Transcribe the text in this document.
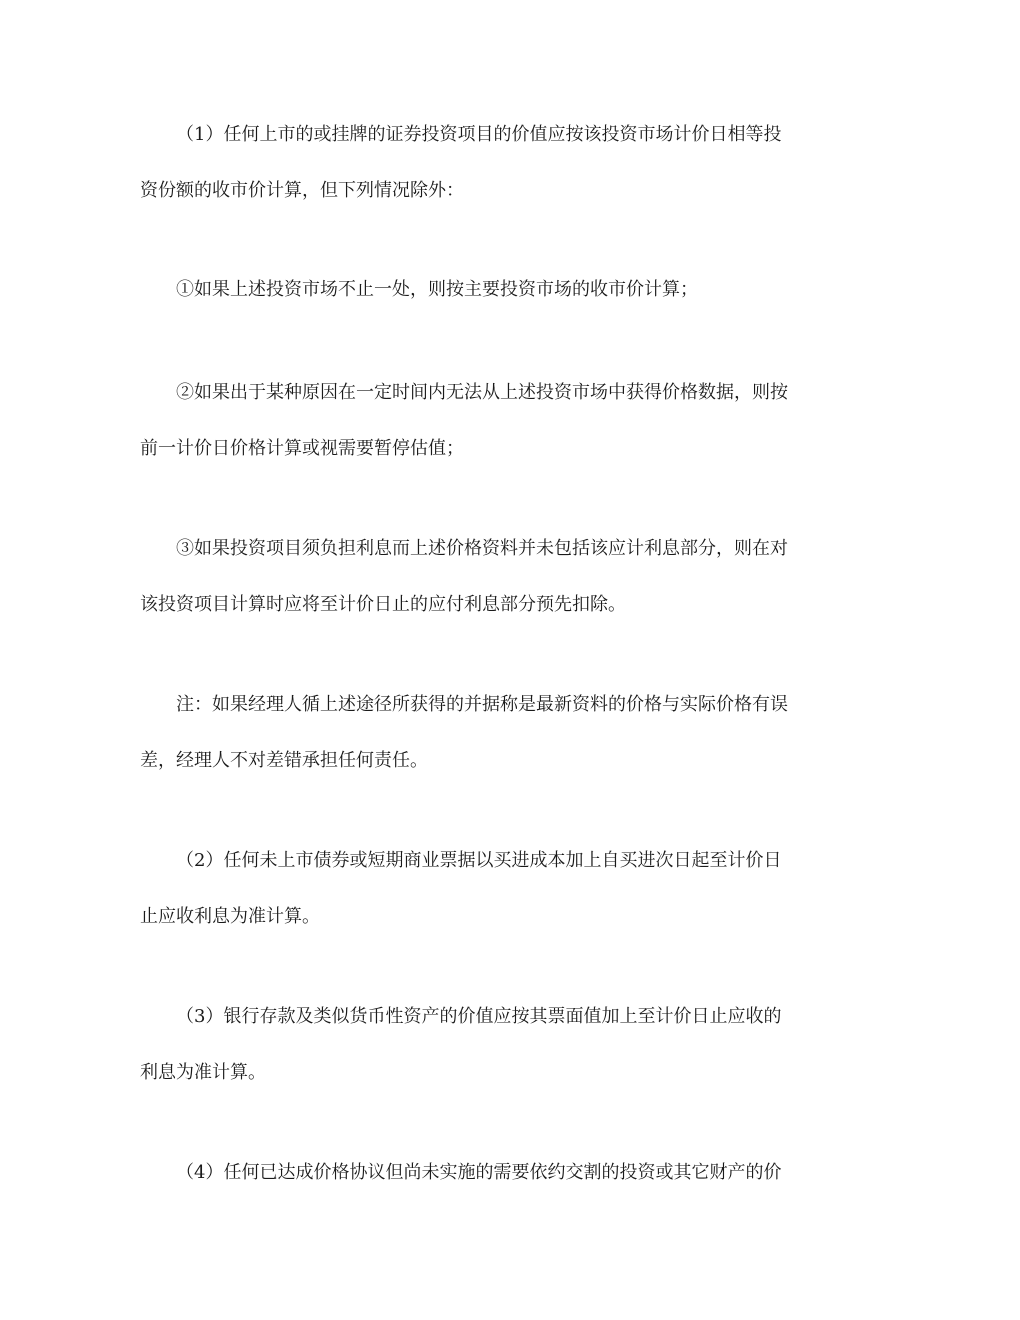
（1）任何上市的或挂牌的证券投资项目的价值应按该投资市场计价日相等投
资份额的收市价计算，但下列情况除外：
①如果上述投资市场不止一处，则按主要投资市场的收市价计算；
②如果出于某种原因在一定时间内无法从上述投资市场中获得价格数据，则按
前一计价日价格计算或视需要暂停估值；
③如果投资项目须负担利息而上述价格资料并未包括该应计利息部分，则在对
该投资项目计算时应将至计价日止的应付利息部分预先扣除。
注：如果经理人循上述途径所获得的并据称是最新资料的价格与实际价格有误
差，经理人不对差错承担任何责任。
（2）任何未上市债券或短期商业票据以买进成本加上自买进次日起至计价日
止应收利息为准计算。
（3）银行存款及类似货币性资产的价值应按其票面值加上至计价日止应收的
利息为准计算。
（4）任何已达成价格协议但尚未实施的需要依约交割的投资或其它财产的价
